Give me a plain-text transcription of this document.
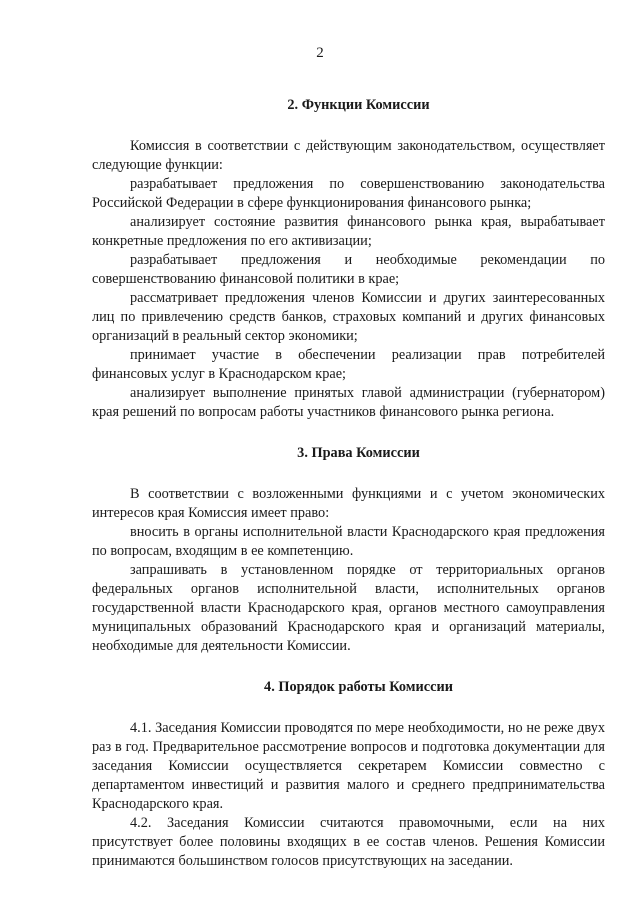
2

2. Функции Комиссии

Комиссия в соответствии с действующим законодательством, осуществляет следующие функции:

разрабатывает предложения по совершенствованию законодательства Российской Федерации в сфере функционирования финансового рынка;

анализирует состояние развития финансового рынка края, вырабатывает конкретные предложения по его активизации;

разрабатывает предложения и необходимые рекомендации по совершенствованию финансовой политики в крае;

рассматривает предложения членов Комиссии и других заинтересованных лиц по привлечению средств банков, страховых компаний и других финансовых организаций в реальный сектор экономики;

принимает участие в обеспечении реализации прав потребителей финансовых услуг в Краснодарском крае;

анализирует выполнение принятых главой администрации (губернатором) края решений по вопросам работы участников финансового рынка региона.

3. Права Комиссии

В соответствии с возложенными функциями и с учетом экономических интересов края Комиссия имеет право:

вносить в органы исполнительной власти Краснодарского края предложения по вопросам, входящим в ее компетенцию.

запрашивать в установленном порядке от территориальных органов федеральных органов исполнительной власти, исполнительных органов государственной власти Краснодарского края, органов местного самоуправления муниципальных образований Краснодарского края и организаций материалы, необходимые для деятельности Комиссии.

4. Порядок работы Комиссии

4.1. Заседания Комиссии проводятся по мере необходимости, но не реже двух раз в год. Предварительное рассмотрение вопросов и подготовка документации для заседания Комиссии осуществляется секретарем Комиссии совместно с департаментом инвестиций и развития малого и среднего предпринимательства Краснодарского края.

4.2. Заседания Комиссии считаются правомочными, если на них присутствует более половины входящих в ее состав членов. Решения Комиссии принимаются большинством голосов присутствующих на заседании.
